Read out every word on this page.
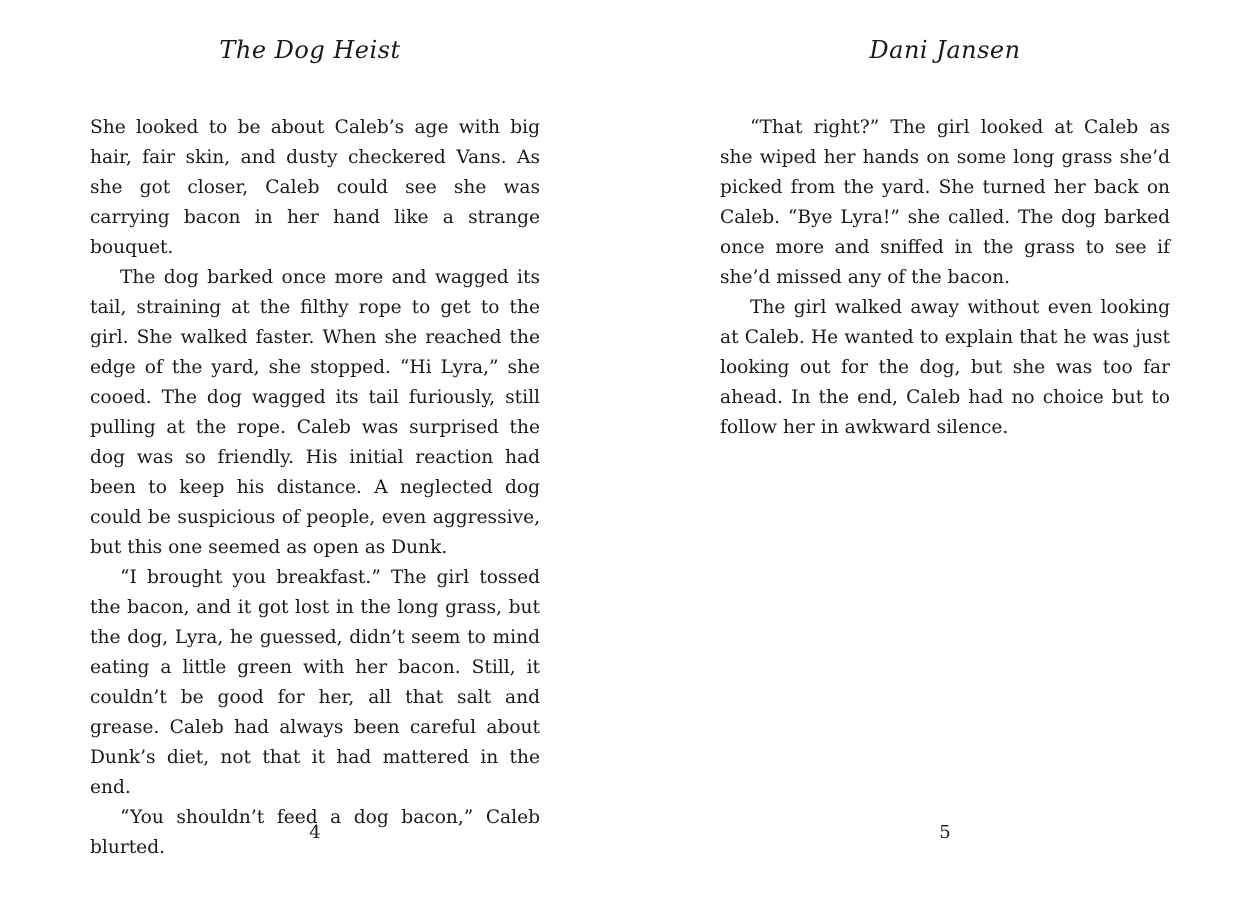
The Dog Heist

She looked to be about Caleb’s age with big hair, fair skin, and dusty checkered Vans. As she got closer, Caleb could see she was carrying bacon in her hand like a strange bouquet.

The dog barked once more and wagged its tail, straining at the filthy rope to get to the girl. She walked faster. When she reached the edge of the yard, she stopped. “Hi Lyra,” she cooed. The dog wagged its tail furiously, still pulling at the rope. Caleb was surprised the dog was so friendly. His initial reaction had been to keep his distance. A neglected dog could be suspicious of people, even aggressive, but this one seemed as open as Dunk.

“I brought you breakfast.” The girl tossed the bacon, and it got lost in the long grass, but the dog, Lyra, he guessed, didn’t seem to mind eating a little green with her bacon. Still, it couldn’t be good for her, all that salt and grease. Caleb had always been careful about Dunk’s diet, not that it had mattered in the end.

“You shouldn’t feed a dog bacon,” Caleb blurted.

4
Dani Jansen

“That right?” The girl looked at Caleb as she wiped her hands on some long grass she’d picked from the yard. She turned her back on Caleb. “Bye Lyra!” she called. The dog barked once more and sniffed in the grass to see if she’d missed any of the bacon.

The girl walked away without even looking at Caleb. He wanted to explain that he was just looking out for the dog, but she was too far ahead. In the end, Caleb had no choice but to follow her in awkward silence.

5
